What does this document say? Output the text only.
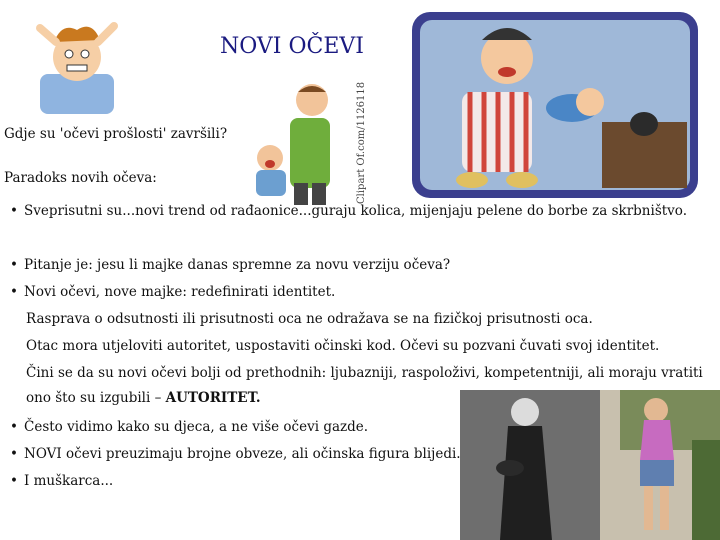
NOVI OČEVI
Clipart Of.com/1126118
Gdje su 'očevi prošlosti' završili?
Paradoks novih očeva:
• Sveprisutni su...novi trend od rađaonice...guraju kolica, mijenjaju pelene do borbe za skrbništvo.
• Pitanje je: jesu li majke danas spremne za novu verziju očeva?
• Novi očevi, nove majke: redefinirati identitet.
Rasprava o odsutnosti ili prisutnosti oca ne odražava se na fizičkoj prisutnosti oca.
Otac mora utjeloviti autoritet, uspostaviti očinski kod. Očevi su pozvani čuvati svoj identitet.
Čini se da su novi očevi bolji od prethodnih: ljubazniji, raspoloživi, kompetentniji, ali moraju vratiti
ono što su izgubili – AUTORITET.
• Često vidimo kako su djeca, a ne više očevi gazde.
• NOVI očevi preuzimaju brojne obveze, ali očinska figura blijedi.
• I muškarca...
